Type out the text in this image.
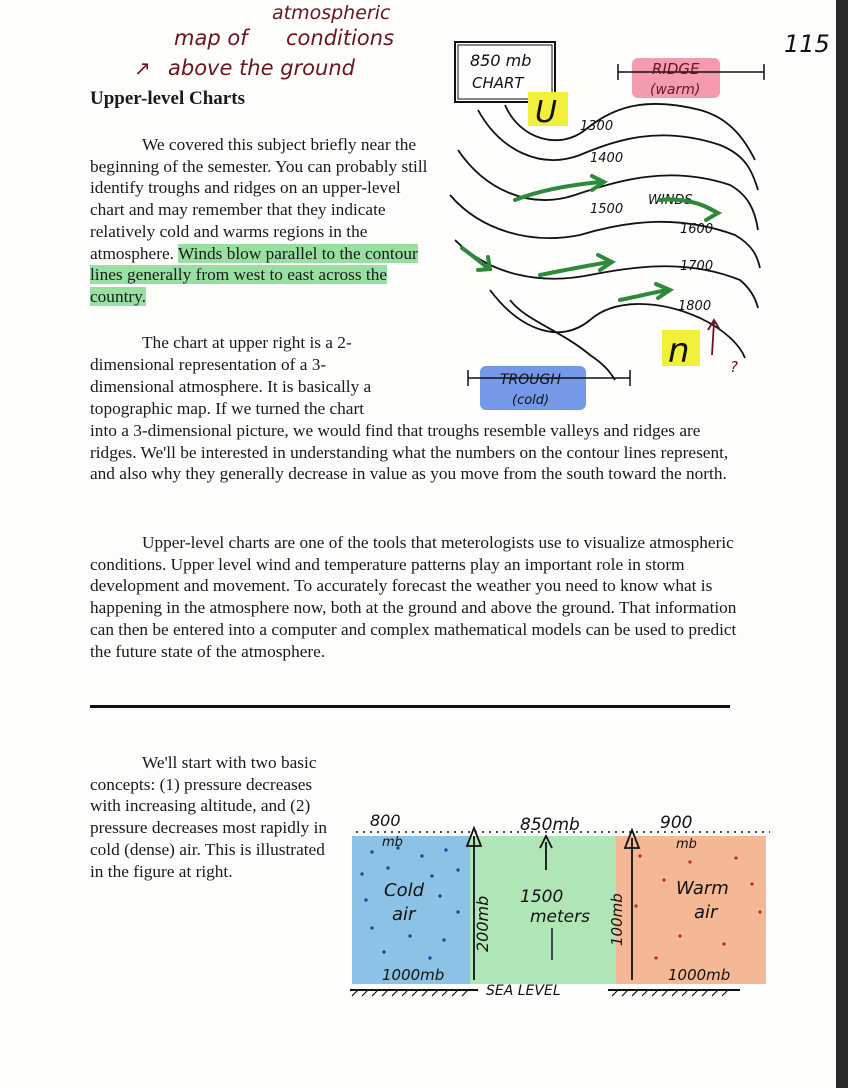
atmospheric
map of conditions
↗ above the ground
115
Upper-level Charts

We covered this subject briefly near the beginning of the semester. You can probably still identify troughs and ridges on an upper-level chart and may remember that they indicate relatively cold and warms regions in the atmosphere. Winds blow parallel to the contour lines generally from west to east across the country.

The chart at upper right is a 2-

dimensional representation of a 3-

dimensional atmosphere. It is basically a

topographic map. If we turned the chart

into a 3-dimensional picture, we would find that troughs resemble valleys and ridges are ridges. We'll be interested in understanding what the numbers on the contour lines represent, and also why they generally decrease in value as you move from the south toward the north.

Upper-level charts are one of the tools that meterologists use to visualize atmospheric conditions. Upper level wind and temperature patterns play an important role in storm development and movement. To accurately forecast the weather you need to know what is happening in the atmosphere now, both at the ground and above the ground. That information can then be entered into a computer and complex mathematical models can be used to predict the future state of the atmosphere.

We'll start with two basic concepts: (1) pressure decreases with increasing altitude, and (2) pressure decreases most rapidly in cold (dense) air. This is illustrated in the figure at right.

850 mb
CHART
RIDGE
(warm)
U 1300
1400
1500
1600
1700
1800
WINDS
n	?
TROUGH
(cold)
800
mb
850mb	900
mb
Cold
air
1500
meters
Warm
air
200mb	100mb
1000mb	1000mb
SEA LEVEL
